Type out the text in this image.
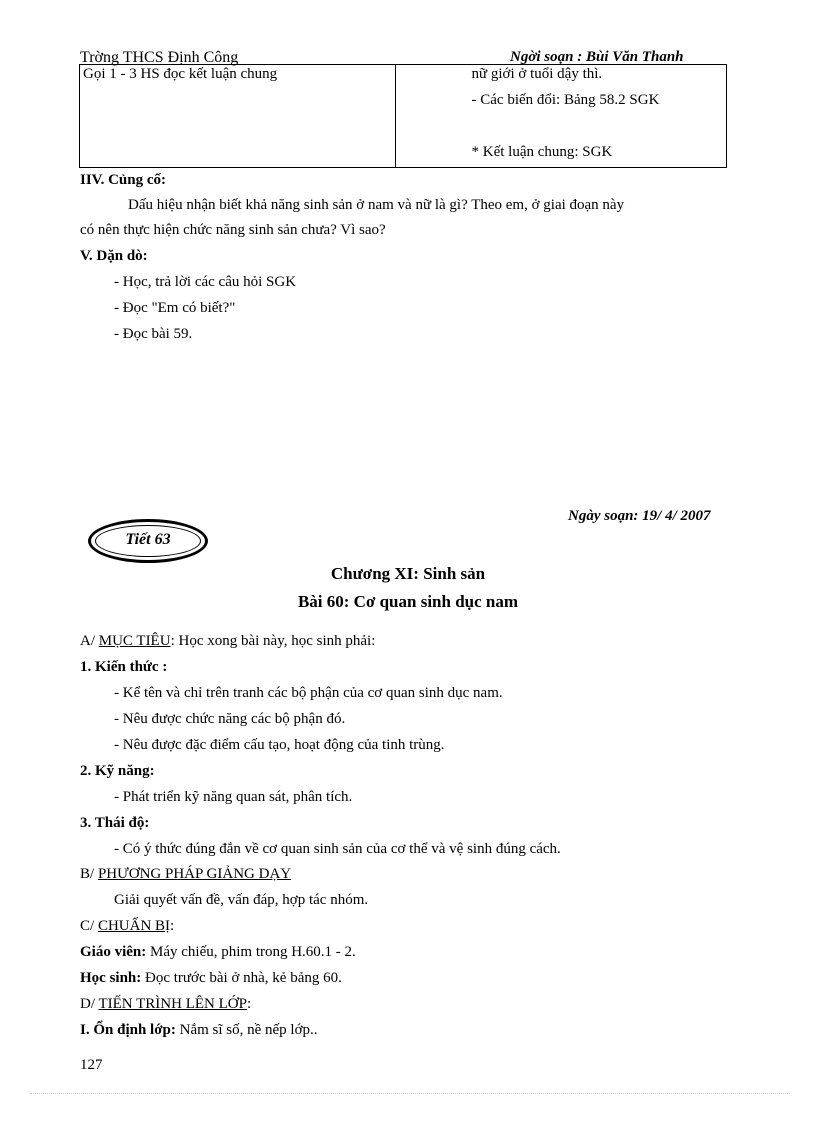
Trờng THCS Định Công	Ngời soạn : Bùi Văn Thanh
Gọi 1 - 3 HS đọc kết luận chung	nữ giới ở tuổi dậy thì.
- Các biến đổi: Bảng 58.2 SGK
* Kết luận chung: SGK
IIV. Củng cố:
Dấu hiệu nhận biết khả năng sinh sản ở nam và nữ là gì? Theo em, ở giai đoạn này
có nên thực hiện chức năng sinh sản chưa? Vì sao?
V. Dặn dò:
- Học, trả lời các câu hỏi SGK
- Đọc "Em có biết?"
- Đọc bài 59.
Ngày soạn: 19/ 4/ 2007
Tiết 63
Chương XI: Sinh sản
Bài 60: Cơ quan sinh dục nam
A/ MỤC TIÊU: Học xong bài này, học sinh phải:
1. Kiến thức :
- Kể tên và chỉ trên tranh các bộ phận của cơ quan sinh dục nam.
- Nêu được chức năng các bộ phận đó.
- Nêu được đặc điểm cấu tạo, hoạt động của tinh trùng.
2. Kỹ năng:
- Phát triển kỹ năng quan sát, phân tích.
3. Thái độ:
- Có ý thức đúng đắn về cơ quan sinh sản của cơ thể và vệ sinh đúng cách.
B/ PHƯƠNG PHÁP GIẢNG DẠY
Giải quyết vấn đề, vấn đáp, hợp tác nhóm.
C/ CHUẨN BỊ:
Giáo viên: Máy chiếu, phim trong H.60.1 - 2.
Học sinh: Đọc trước bài ở nhà, kẻ bảng 60.
D/ TIẾN TRÌNH LÊN LỚP:
I. Ổn định lớp: Nắm sĩ số, nề nếp lớp..
127
